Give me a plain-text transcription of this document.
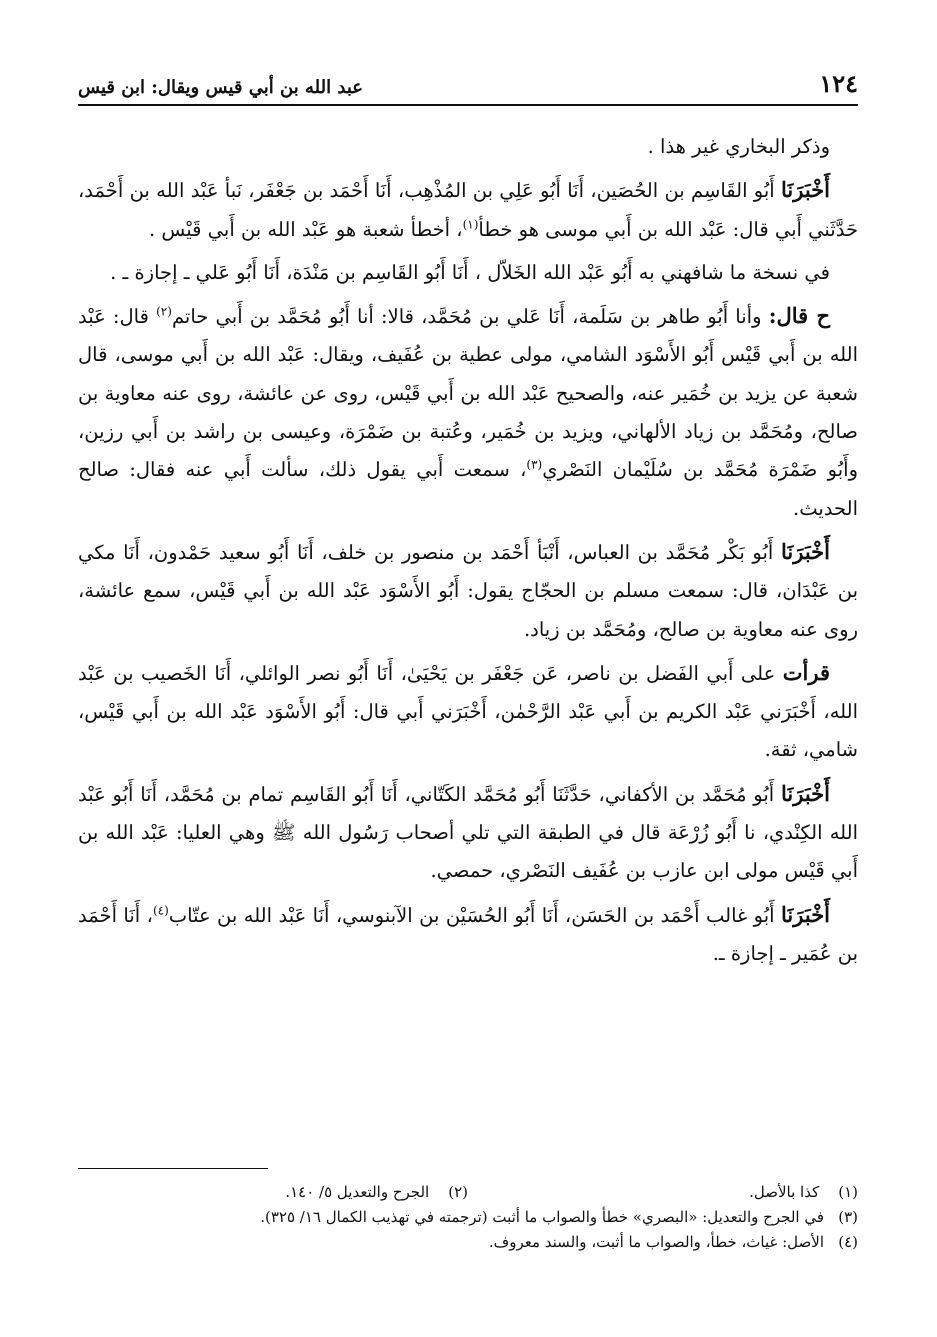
١٢٤
عبد الله بن أبي قيس ويقال: ابن قيس

وذكر البخاري غير هذا .

أَخْبَرَنَا أَبُو القَاسِم بن الحُصَين، أَنَا أَبُو عَلِي بن المُذْهِب، أَنَا أَحْمَد بن جَعْفَر، نَبأ عَبْد الله بن أَحْمَد، حَدَّثَني أَبي قال: عَبْد الله بن أَبي موسى هو خطأ$^{(١)}$، أخطأ شعبة هو عَبْد الله بن أَبي قَيْس .

في نسخة ما شافهني به أَبُو عَبْد الله الخَلاّل ، أَنَا أَبُو القَاسِم بن مَنْدَة، أَنَا أَبُو عَلي ـ إجازة ـ .

ح قال: وأنا أَبُو طاهر بن سَلَمة، أَنَا عَلي بن مُحَمَّد، قالا: أنا أَبُو مُحَمَّد بن أَبي حاتم$^{(٢)}$ قال: عَبْد الله بن أَبي قَيْس أَبُو الأَسْوَد الشامي، مولى عطية بن عُفَيف، ويقال: عَبْد الله بن أَبي موسى، قال شعبة عن يزيد بن خُمَير عنه، والصحيح عَبْد الله بن أَبي قَيْس، روى عن عائشة، روى عنه معاوية بن صالح، ومُحَمَّد بن زياد الألهاني، ويزيد بن خُمَير، وعُتبة بن ضَمْرَة، وعيسى بن راشد بن أَبي رزين، وأَبُو ضَمْرَة مُحَمَّد بن سُلَيْمان النَصْري$^{(٣)}$، سمعت أَبي يقول ذلك، سألت أَبي عنه فقال: صالح الحديث.

أَخْبَرَنَا أَبُو بَكْر مُحَمَّد بن العباس، أَنْبَأ أَحْمَد بن منصور بن خلف، أَنَا أَبُو سعيد حَمْدون، أَنَا مكي بن عَبْدَان، قال: سمعت مسلم بن الحجّاج يقول: أَبُو الأَسْوَد عَبْد الله بن أَبي قَيْس، سمع عائشة، روى عنه معاوية بن صالح، ومُحَمَّد بن زياد.

قرأت على أَبي الفَضل بن ناصر، عَن جَعْفَر بن يَحْيَىٰ، أَنَا أَبُو نصر الوائلي، أَنَا الخَصيب بن عَبْد الله، أَخْبَرَني عَبْد الكريم بن أَبي عَبْد الرَّحْمٰن، أَخْبَرَني أَبي قال: أَبُو الأَسْوَد عَبْد الله بن أَبي قَيْس، شامي، ثقة.

أَخْبَرَنَا أَبُو مُحَمَّد بن الأكفاني، حَدَّثَنَا أَبُو مُحَمَّد الكَتّاني، أَنَا أَبُو القَاسِم تمام بن مُحَمَّد، أَنَا أَبُو عَبْد الله الكِنْدي، نا أَبُو زُرْعَة قال في الطبقة التي تلي أصحاب رَسُول الله ﷺ وهي العليا: عَبْد الله بن أَبي قَيْس مولى ابن عازب بن عُفَيف النَصْري، حمصي.

أَخْبَرَنَا أَبُو غالب أَحْمَد بن الحَسَن، أَنَا أَبُو الحُسَيْن بن الآبنوسي، أَنَا عَبْد الله بن عتّاب$^{(٤)}$، أَنَا أَحْمَد بن عُمَير ـ إجازة ـ.

(١) كذا بالأصل.
(٢) الجرح والتعديل ٥/ ١٤٠.
(٣)
في الجرح والتعديل: «البصري» خطأ والصواب ما أثبت (ترجمته في تهذيب الكمال ١٦/ ٣٢٥).
(٤)
الأصل: غياث، خطأ، والصواب ما أثبت، والسند معروف.
